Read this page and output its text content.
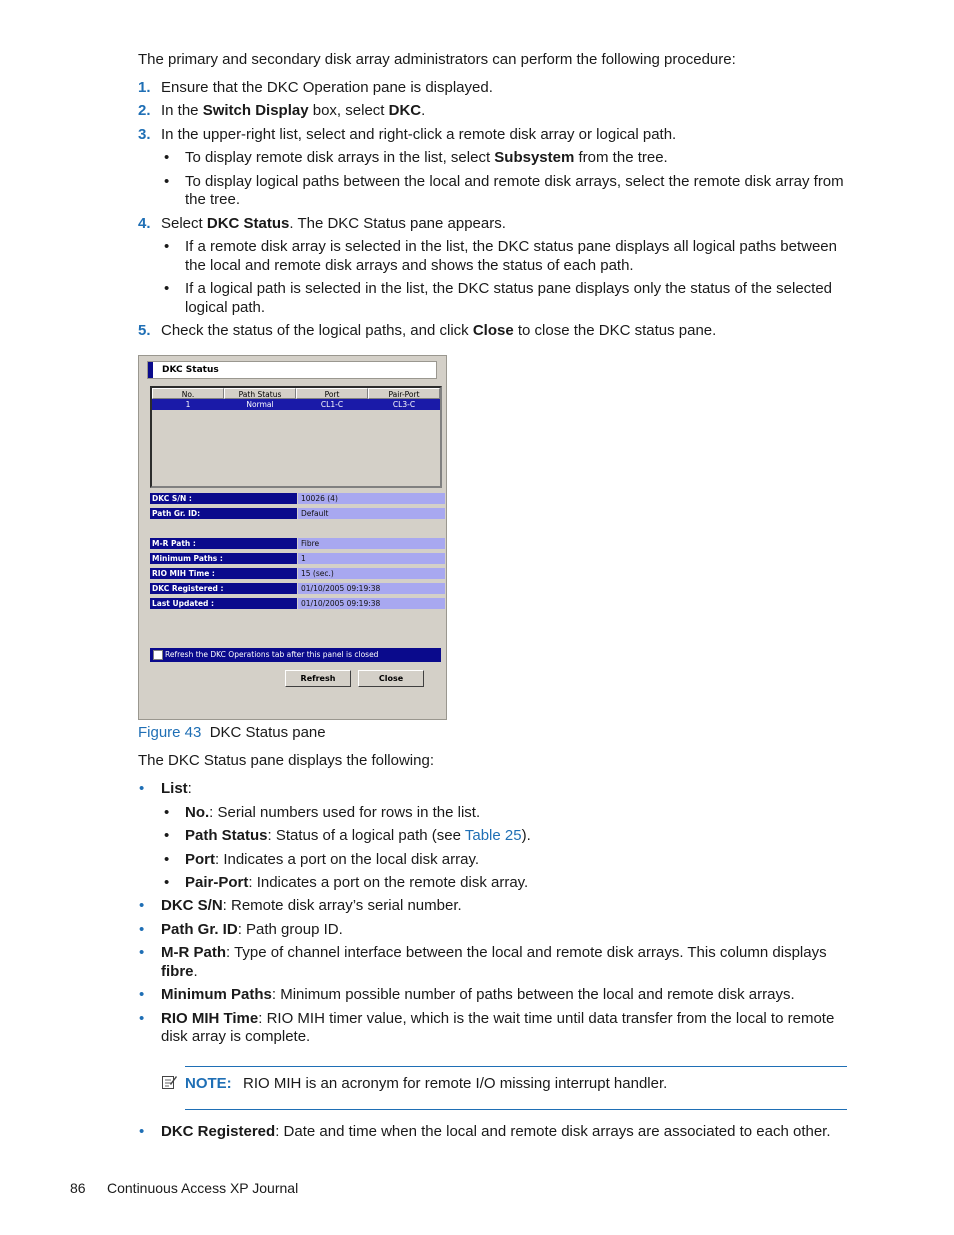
The primary and secondary disk array administrators can perform the following procedure:
1. Ensure that the DKC Operation pane is displayed.
2. In the Switch Display box, select DKC.
3. In the upper-right list, select and right-click a remote disk array or logical path.
• To display remote disk arrays in the list, select Subsystem from the tree.
• To display logical paths between the local and remote disk arrays, select the remote disk array from
the tree.
4. Select DKC Status. The DKC Status pane appears.
• If a remote disk array is selected in the list, the DKC status pane displays all logical paths between
the local and remote disk arrays and shows the status of each path.
• If a logical path is selected in the list, the DKC status pane displays only the status of the selected
logical path.
5. Check the status of the logical paths, and click Close to close the DKC status pane.
DKC Status
No.	Path Status	Port	Pair-Port
1	Normal	CL1-C	CL3-C
DKC S/N :	10026 (4)
Path Gr. ID:	Default
M-R Path :	Fibre
Minimum Paths :	1
RIO MIH Time :	15 (sec.)
DKC Registered :	01/10/2005 09:19:38
Last Updated :	01/10/2005 09:19:38
Refresh the DKC Operations tab after this panel is closed
Refresh	Close
Figure 43 DKC Status pane
The DKC Status pane displays the following:
• List:
• No.: Serial numbers used for rows in the list.
• Path Status: Status of a logical path (see Table 25).
• Port: Indicates a port on the local disk array.
• Pair-Port: Indicates a port on the remote disk array.
• DKC S/N: Remote disk array’s serial number.
• Path Gr. ID: Path group ID.
• M-R Path: Type of channel interface between the local and remote disk arrays. This column displays
fibre.
• Minimum Paths: Minimum possible number of paths between the local and remote disk arrays.
• RIO MIH Time: RIO MIH timer value, which is the wait time until data transfer from the local to remote
disk array is complete.
NOTE: RIO MIH is an acronym for remote I/O missing interrupt handler.
• DKC Registered: Date and time when the local and remote disk arrays are associated to each other.
86 Continuous Access XP Journal
